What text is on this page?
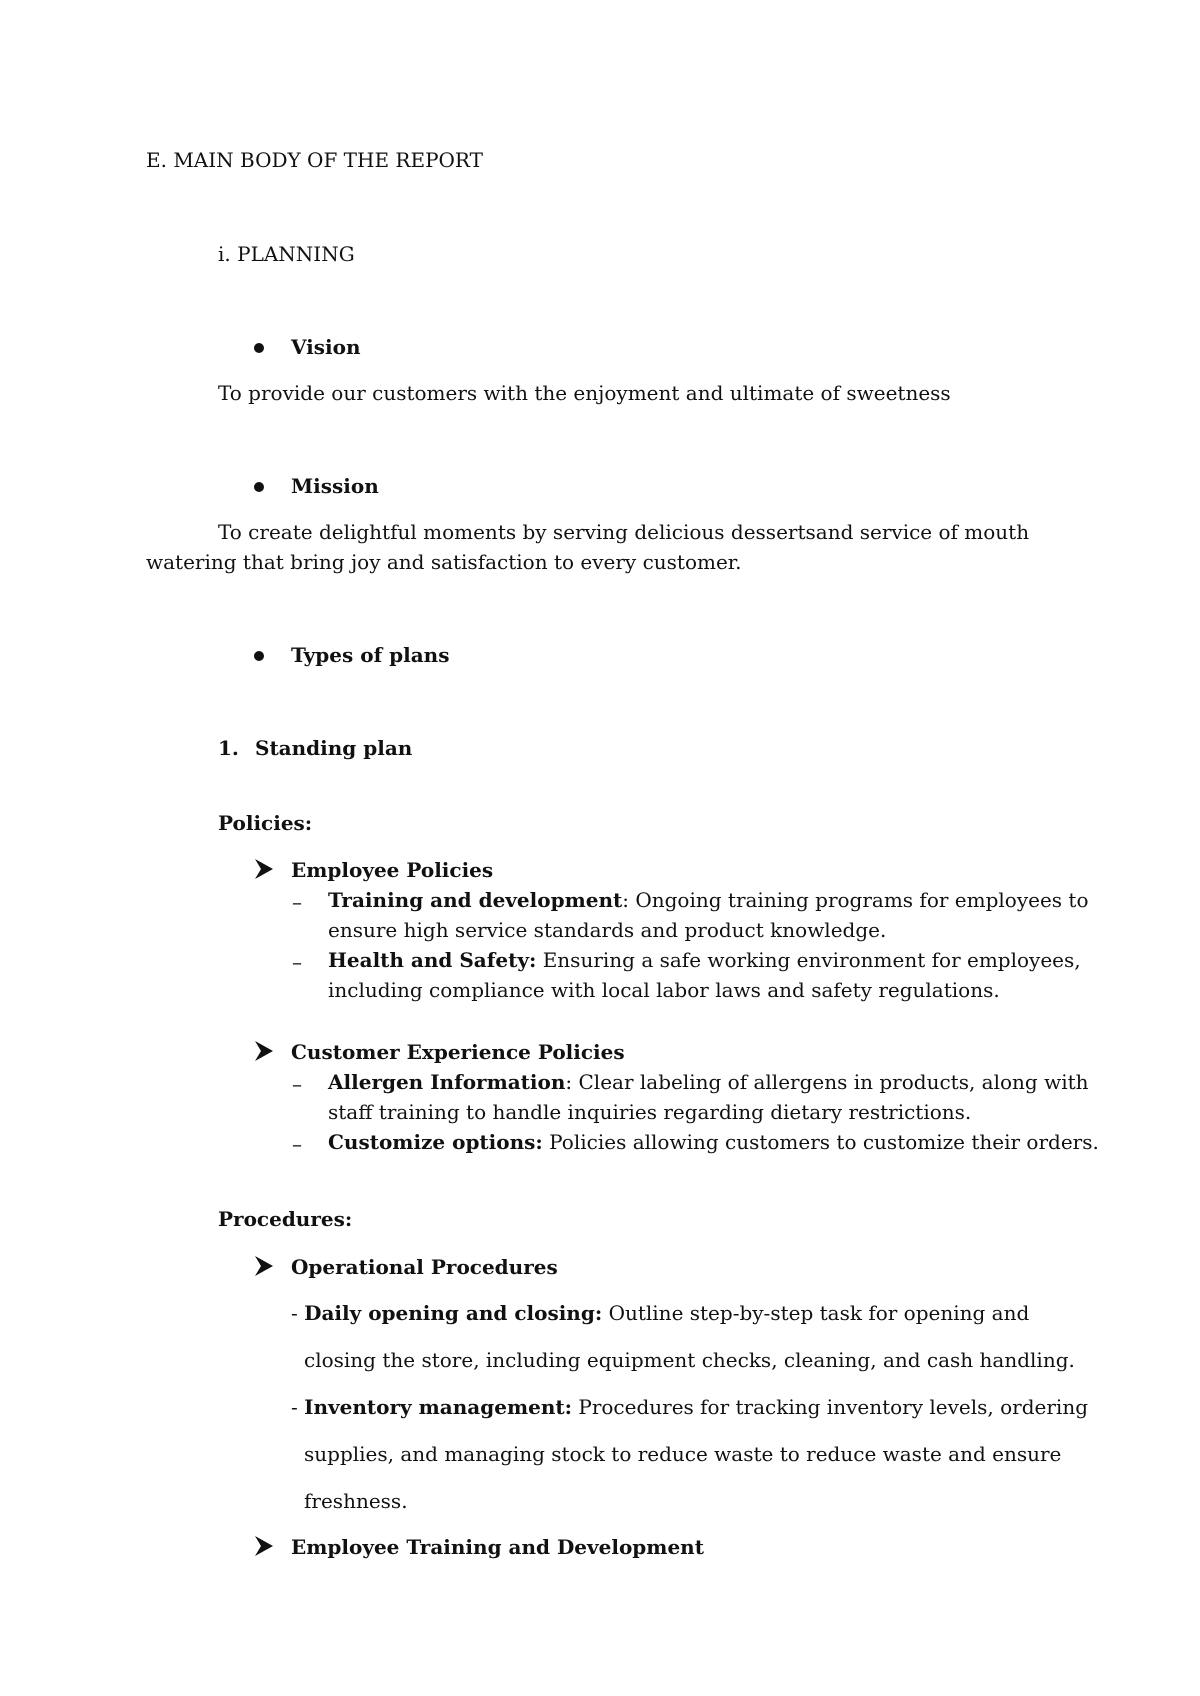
E. MAIN BODY OF THE REPORT
i. PLANNING
Vision
To provide our customers with the enjoyment and ultimate of sweetness
Mission
To create delightful moments by serving delicious dessertsand service of mouth
watering that bring joy and satisfaction to every customer.
Types of plans
1. Standing plan
Policies:
Employee Policies
– Training and development: Ongoing training programs for employees to
ensure high service standards and product knowledge.
– Health and Safety: Ensuring a safe working environment for employees,
including compliance with local labor laws and safety regulations.
Customer Experience Policies
– Allergen Information: Clear labeling of allergens in products, along with
staff training to handle inquiries regarding dietary restrictions.
– Customize options: Policies allowing customers to customize their orders.
Procedures:
Operational Procedures
- Daily opening and closing: Outline step-by-step task for opening and
closing the store, including equipment checks, cleaning, and cash handling.
- Inventory management: Procedures for tracking inventory levels, ordering
supplies, and managing stock to reduce waste to reduce waste and ensure
freshness.
Employee Training and Development
